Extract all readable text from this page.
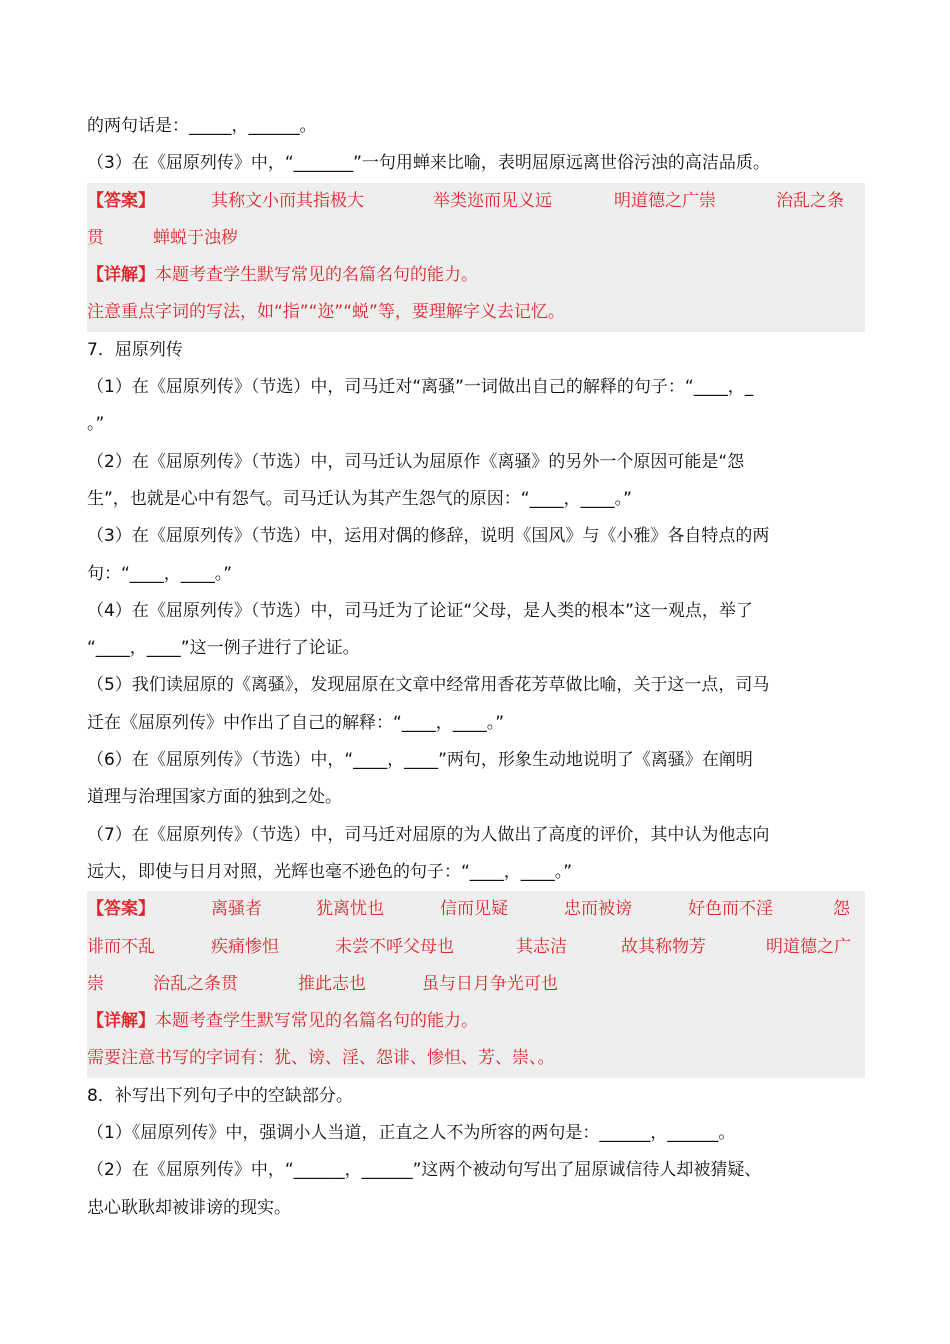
的两句话是：_____，______。
（3）在《屈原列传》中，“_______”一句用蝉来比喻，表明屈原远离世俗污浊的高洁品质。
【答案】	其称文小而其指极大	举类迩而见义远	明道德之广崇	治乱之条
贯	蝉蜕于浊秽
【详解】本题考查学生默写常见的名篇名句的能力。
注意重点字词的写法，如“指”“迩”“蜕”等，要理解字义去记忆。
7．屈原列传
（1）在《屈原列传》（节选）中，司马迁对“离骚”一词做出自己的解释的句子：“____，_
。”
（2）在《屈原列传》（节选）中，司马迁认为屈原作《离骚》的另外一个原因可能是“怨
生”，也就是心中有怨气。司马迁认为其产生怨气的原因：“____，____。”
（3）在《屈原列传》（节选）中，运用对偶的修辞，说明《国风》与《小雅》各自特点的两
句：“____，____。”
（4）在《屈原列传》（节选）中，司马迁为了论证“父母，是人类的根本”这一观点，举了
“____，____”这一例子进行了论证。
（5）我们读屈原的《离骚》，发现屈原在文章中经常用香花芳草做比喻，关于这一点，司马
迁在《屈原列传》中作出了自己的解释：“____，____。”
（6）在《屈原列传》（节选）中，“____，____”两句，形象生动地说明了《离骚》在阐明
道理与治理国家方面的独到之处。
（7）在《屈原列传》（节选）中，司马迁对屈原的为人做出了高度的评价，其中认为他志向
远大，即使与日月对照，光辉也毫不逊色的句子：“____，____。”
【答案】	离骚者	犹离忧也	信而见疑	忠而被谤	好色而不淫	怨
诽而不乱	疾痛惨怛	未尝不呼父母也	其志洁	故其称物芳	明道德之广
崇	治乱之条贯	推此志也	虽与日月争光可也
【详解】本题考查学生默写常见的名篇名句的能力。
需要注意书写的字词有：犹、谤、淫、怨诽、惨怛、芳、崇、。
8．补写出下列句子中的空缺部分。
（1）《屈原列传》中，强调小人当道，正直之人不为所容的两句是：______，______。
（2）在《屈原列传》中，“______，______”这两个被动句写出了屈原诚信待人却被猜疑、
忠心耿耿却被诽谤的现实。
